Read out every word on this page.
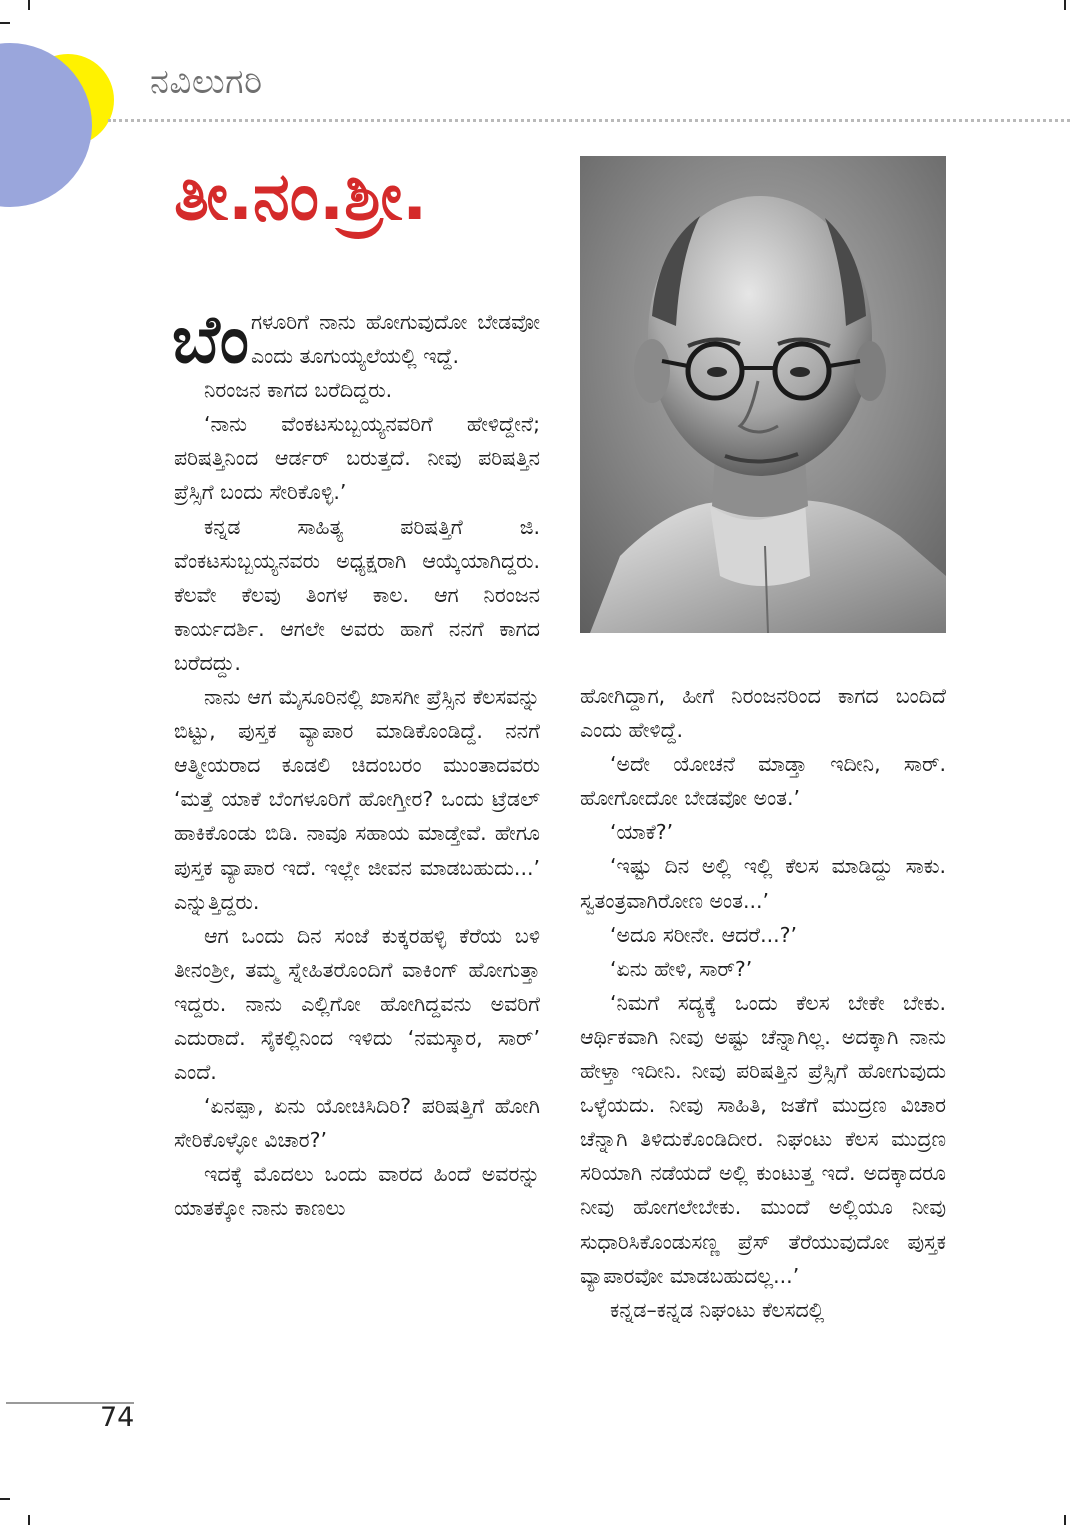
ನವಿಲುಗರಿ
ತೀ.ನಂ.ಶ್ರೀ.

ಬೆಂಗಳೂರಿಗೆ ನಾನು ಹೋಗುವುದೋ ಬೇಡವೋ ಎಂದು ತೂಗುಯ್ಯಲೆಯಲ್ಲಿ ಇದ್ದೆ.

ನಿರಂಜನ ಕಾಗದ ಬರೆದಿದ್ದರು.

‘ನಾನು ವೆಂಕಟಸುಬ್ಬಯ್ಯನವರಿಗೆ ಹೇಳಿದ್ದೇನೆ; ಪರಿಷತ್ತಿನಿಂದ ಆರ್ಡರ್ ಬರುತ್ತದೆ. ನೀವು ಪರಿಷತ್ತಿನ ಪ್ರೆಸ್ಸಿಗೆ ಬಂದು ಸೇರಿಕೊಳ್ಳಿ.’

ಕನ್ನಡ ಸಾಹಿತ್ಯ ಪರಿಷತ್ತಿಗೆ ಜಿ. ವೆಂಕಟಸುಬ್ಬಯ್ಯನವರು ಅಧ್ಯಕ್ಷರಾಗಿ ಆಯ್ಕೆಯಾಗಿದ್ದರು. ಕೆಲವೇ ಕೆಲವು ತಿಂಗಳ ಕಾಲ. ಆಗ ನಿರಂಜನ ಕಾರ್ಯದರ್ಶಿ. ಆಗಲೇ ಅವರು ಹಾಗೆ ನನಗೆ ಕಾಗದ ಬರೆದದ್ದು.

ನಾನು ಆಗ ಮೈಸೂರಿನಲ್ಲಿ ಖಾಸಗೀ ಪ್ರೆಸ್ಸಿನ ಕೆಲಸವನ್ನು ಬಿಟ್ಟು, ಪುಸ್ತಕ ವ್ಯಾಪಾರ ಮಾಡಿಕೊಂಡಿದ್ದೆ. ನನಗೆ ಆತ್ಮೀಯರಾದ ಕೂಡಲಿ ಚಿದಂಬರಂ ಮುಂತಾದವರು ‘ಮತ್ತೆ ಯಾಕೆ ಬೆಂಗಳೂರಿಗೆ ಹೋಗ್ತೀರ? ಒಂದು ಟ್ರೆಡಲ್ ಹಾಕಿಕೊಂಡು ಬಿಡಿ. ನಾವೂ ಸಹಾಯ ಮಾಡ್ತೇವೆ. ಹೇಗೂ ಪುಸ್ತಕ ವ್ಯಾಪಾರ ಇದೆ. ಇಲ್ಲೇ ಜೀವನ ಮಾಡಬಹುದು...’ ಎನ್ನುತ್ತಿದ್ದರು.

ಆಗ ಒಂದು ದಿನ ಸಂಜೆ ಕುಕ್ಕರಹಳ್ಳಿ ಕೆರೆಯ ಬಳಿ ತೀನಂಶ್ರೀ, ತಮ್ಮ ಸ್ನೇಹಿತರೊಂದಿಗೆ ವಾಕಿಂಗ್ ಹೋಗುತ್ತಾ ಇದ್ದರು. ನಾನು ಎಲ್ಲಿಗೋ ಹೋಗಿದ್ದವನು ಅವರಿಗೆ ಎದುರಾದೆ. ಸೈಕಲ್ಲಿನಿಂದ ಇಳಿದು ‘ನಮಸ್ಕಾರ, ಸಾರ್’ ಎಂದೆ.

‘ಏನಪ್ಪಾ, ಏನು ಯೋಚಿಸಿದಿರಿ? ಪರಿಷತ್ತಿಗೆ ಹೋಗಿ ಸೇರಿಕೊಳ್ಳೋ ವಿಚಾರ?’

ಇದಕ್ಕೆ ಮೊದಲು ಒಂದು ವಾರದ ಹಿಂದೆ ಅವರನ್ನು ಯಾತಕ್ಕೋ ನಾನು ಕಾಣಲು

ಹೋಗಿದ್ದಾಗ, ಹೀಗೆ ನಿರಂಜನರಿಂದ ಕಾಗದ ಬಂದಿದೆ ಎಂದು ಹೇಳಿದ್ದೆ.

‘ಅದೇ ಯೋಚನೆ ಮಾಡ್ತಾ ಇದೀನಿ, ಸಾರ್. ಹೋಗೋದೋ ಬೇಡವೋ ಅಂತ.’

‘ಯಾಕೆ?’

‘ಇಷ್ಟು ದಿನ ಅಲ್ಲಿ ಇಲ್ಲಿ ಕೆಲಸ ಮಾಡಿದ್ದು ಸಾಕು. ಸ್ವತಂತ್ರವಾಗಿರೋಣ ಅಂತ...’

‘ಅದೂ ಸರೀನೇ. ಆದರೆ...?’

‘ಏನು ಹೇಳಿ, ಸಾರ್?’

‘ನಿಮಗೆ ಸದ್ಯಕ್ಕೆ ಒಂದು ಕೆಲಸ ಬೇಕೇ ಬೇಕು. ಆರ್ಥಿಕವಾಗಿ ನೀವು ಅಷ್ಟು ಚೆನ್ನಾಗಿಲ್ಲ. ಅದಕ್ಕಾಗಿ ನಾನು ಹೇಳ್ತಾ ಇದೀನಿ. ನೀವು ಪರಿಷತ್ತಿನ ಪ್ರೆಸ್ಸಿಗೆ ಹೋಗುವುದು ಒಳ್ಳೆಯದು. ನೀವು ಸಾಹಿತಿ, ಜತೆಗೆ ಮುದ್ರಣ ವಿಚಾರ ಚೆನ್ನಾಗಿ ತಿಳಿದುಕೊಂಡಿದೀರ. ನಿಘಂಟು ಕೆಲಸ ಮುದ್ರಣ ಸರಿಯಾಗಿ ನಡೆಯದೆ ಅಲ್ಲಿ ಕುಂಟುತ್ತ ಇದೆ. ಅದಕ್ಕಾದರೂ ನೀವು ಹೋಗಲೇಬೇಕು. ಮುಂದೆ ಅಲ್ಲಿಯೂ ನೀವು ಸುಧಾರಿಸಿಕೊಂಡುಸಣ್ಣ ಪ್ರೆಸ್ ತೆರೆಯುವುದೋ ಪುಸ್ತಕ ವ್ಯಾಪಾರವೋ ಮಾಡಬಹುದಲ್ಲ...’

ಕನ್ನಡ–ಕನ್ನಡ ನಿಘಂಟು ಕೆಲಸದಲ್ಲಿ

74
